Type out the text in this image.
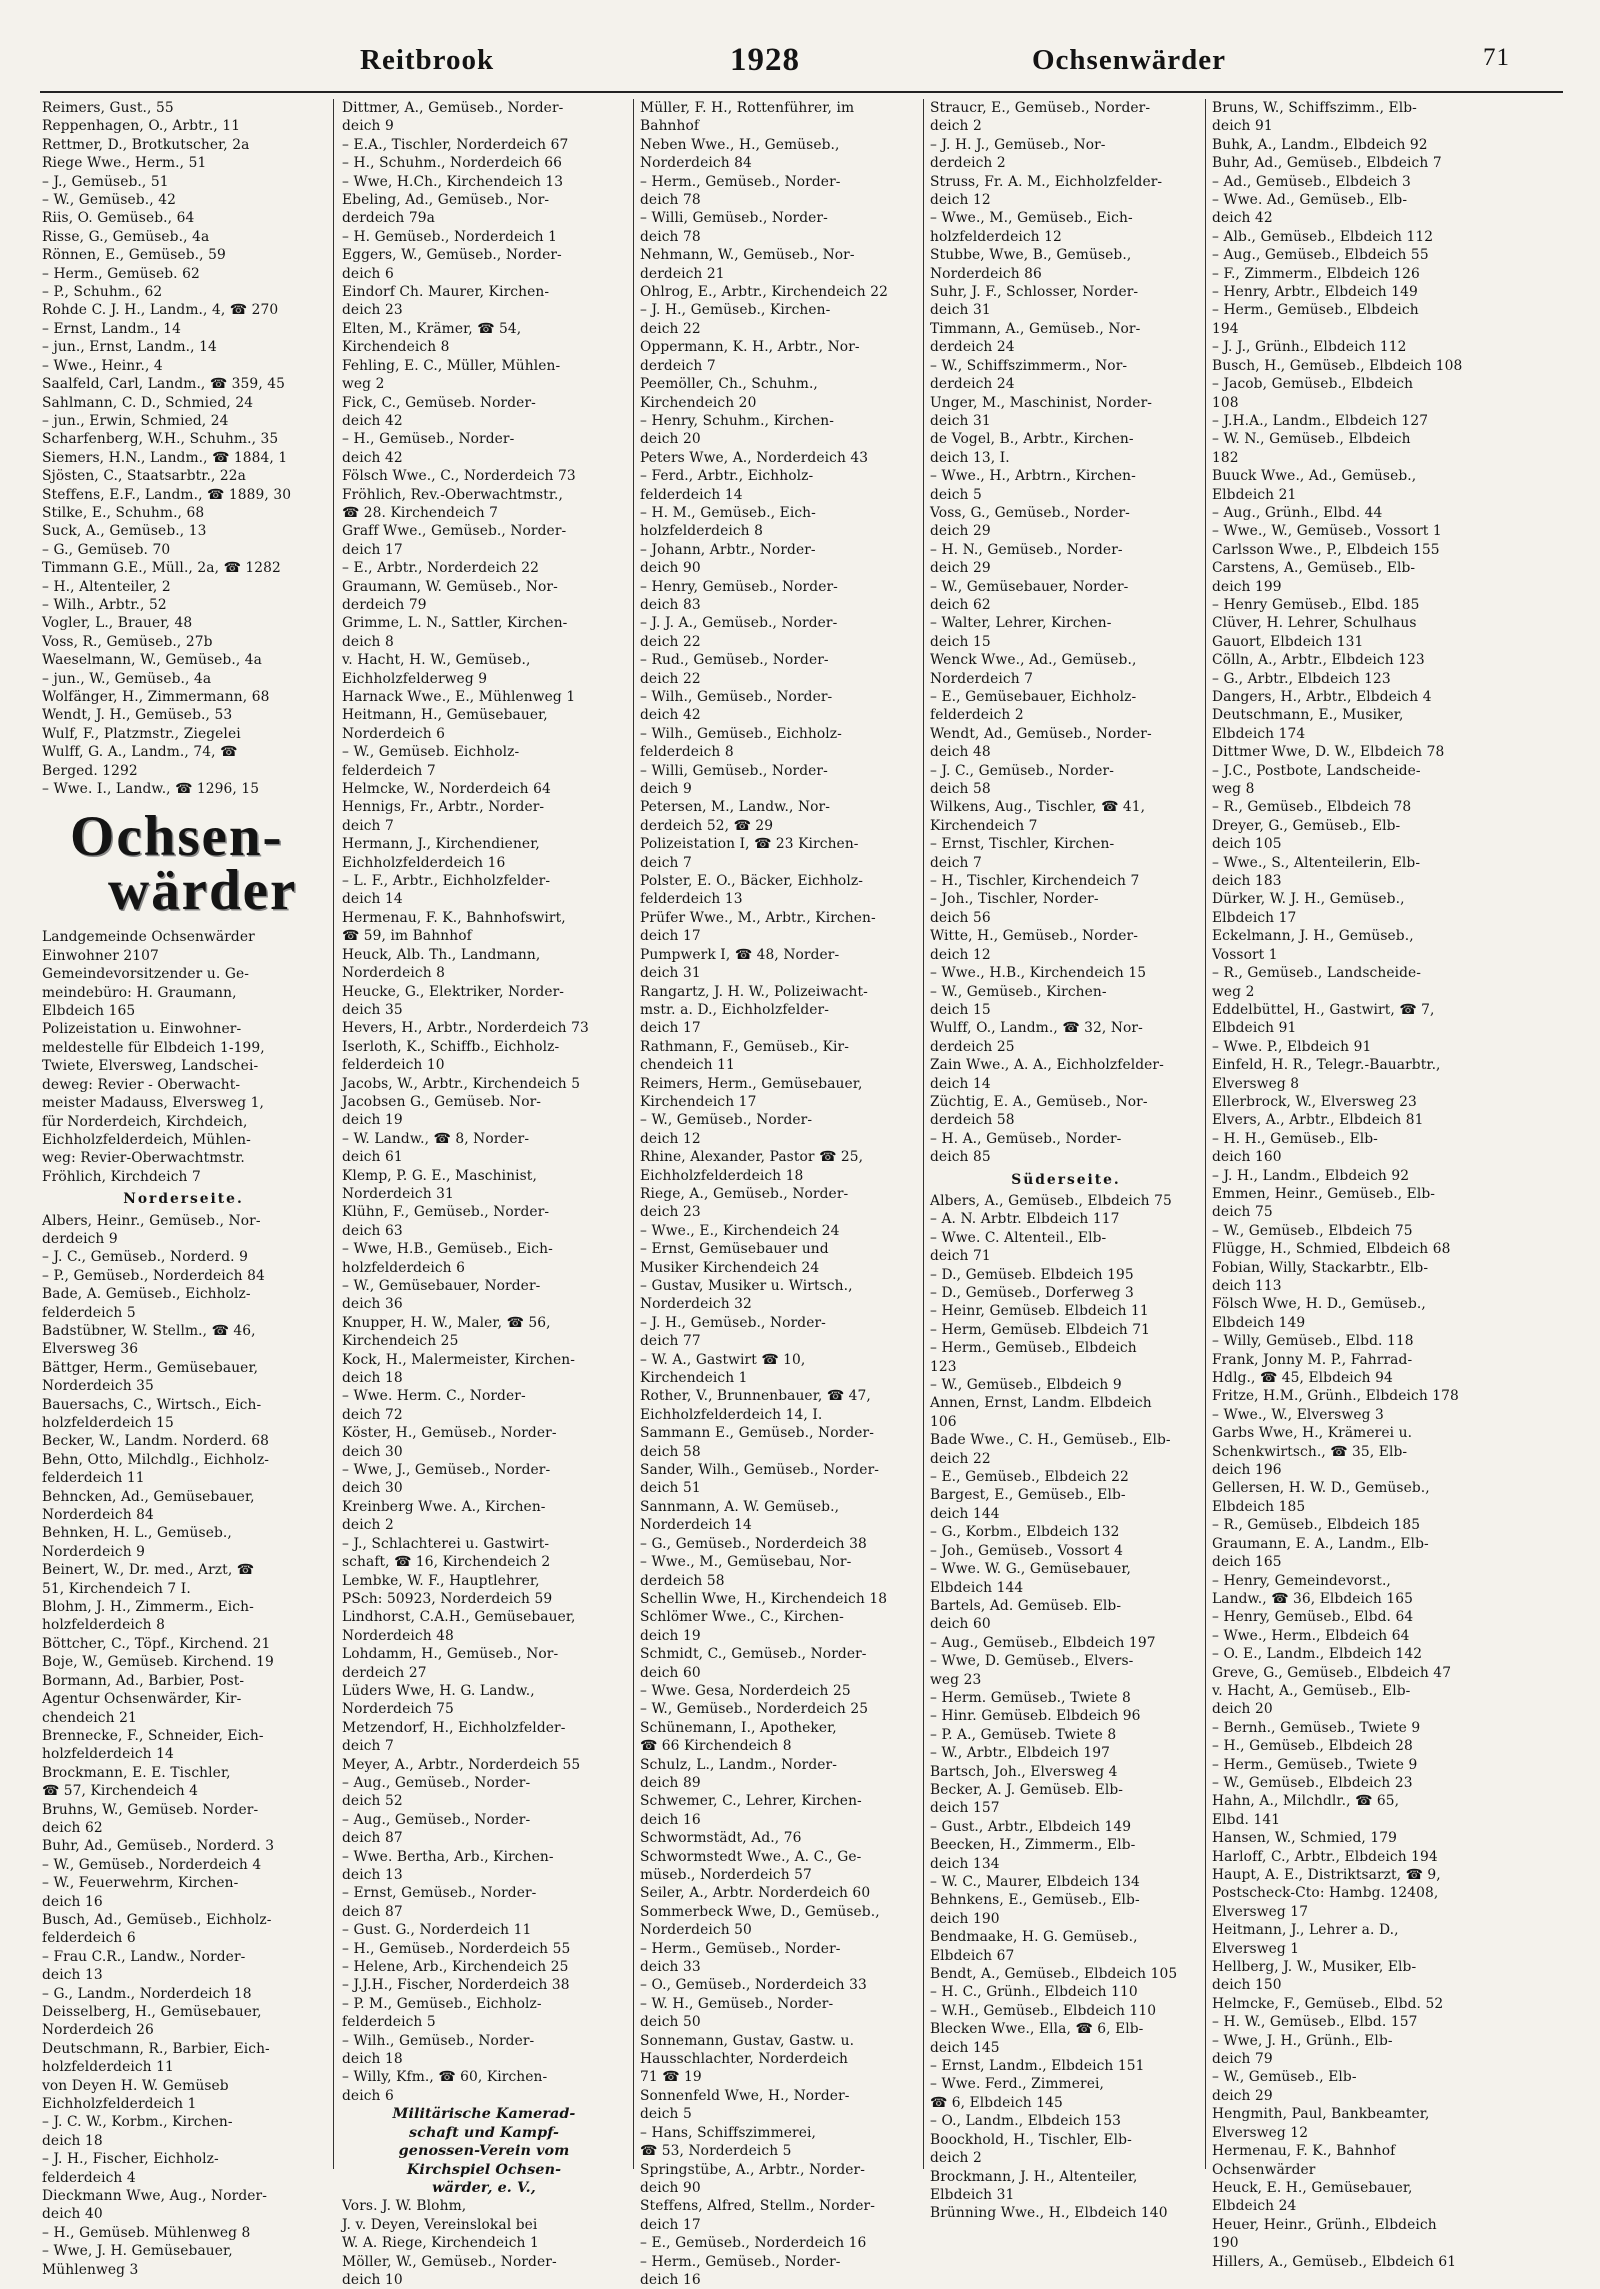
Reitbrook	1928	Ochsenwärder	71
Reimers, Gust., 55
Reppenhagen, O., Arbtr., 11
Rettmer, D., Brotkutscher, 2a
Riege Wwe., Herm., 51
– J., Gemüseb., 51
– W., Gemüseb., 42
Riis, O. Gemüseb., 64
Risse, G., Gemüseb., 4a
Rönnen, E., Gemüseb., 59
– Herm., Gemüseb. 62
– P., Schuhm., 62
Rohde C. J. H., Landm., 4, ☎ 270
– Ernst, Landm., 14
– jun., Ernst, Landm., 14
– Wwe., Heinr., 4
Saalfeld, Carl, Landm., ☎ 359, 45
Sahlmann, C. D., Schmied, 24
– jun., Erwin, Schmied, 24
Scharfenberg, W.H., Schuhm., 35
Siemers, H.N., Landm., ☎ 1884, 1
Sjösten, C., Staatsarbtr., 22a
Steffens, E.F., Landm., ☎ 1889, 30
Stilke, E., Schuhm., 68
Suck, A., Gemüseb., 13
– G., Gemüseb. 70
Timmann G.E., Müll., 2a, ☎ 1282
– H., Altenteiler, 2
– Wilh., Arbtr., 52
Vogler, L., Brauer, 48
Voss, R., Gemüseb., 27b
Waeselmann, W., Gemüseb., 4a
– jun., W., Gemüseb., 4a
Wolfänger, H., Zimmermann, 68
Wendt, J. H., Gemüseb., 53
Wulf, F., Platzmstr., Ziegelei
Wulff, G. A., Landm., 74, ☎
Berged. 1292
– Wwe. I., Landw., ☎ 1296, 15
Ochsen-
wärder
Landgemeinde Ochsenwärder
Einwohner 2107
Gemeindevorsitzender u. Ge-
meindebüro: H. Graumann,
Elbdeich 165
Polizeistation u. Einwohner-
meldestelle für Elbdeich 1-199,
Twiete, Elversweg, Landschei-
deweg: Revier - Oberwacht-
meister Madauss, Elversweg 1,
für Norderdeich, Kirchdeich,
Eichholzfelderdeich, Mühlen-
weg: Revier-Oberwachtmstr.
Fröhlich, Kirchdeich 7
Norderseite.
Albers, Heinr., Gemüseb., Nor-
derdeich 9
– J. C., Gemüseb., Norderd. 9
– P., Gemüseb., Norderdeich 84
Bade, A. Gemüseb., Eichholz-
felderdeich 5
Badstübner, W. Stellm., ☎ 46,
Elversweg 36
Bättger, Herm., Gemüsebauer,
Norderdeich 35
Bauersachs, C., Wirtsch., Eich-
holzfelderdeich 15
Becker, W., Landm. Norderd. 68
Behn, Otto, Milchdlg., Eichholz-
felderdeich 11
Behncken, Ad., Gemüsebauer,
Norderdeich 84
Behnken, H. L., Gemüseb.,
Norderdeich 9
Beinert, W., Dr. med., Arzt, ☎
51, Kirchendeich 7 I.
Blohm, J. H., Zimmerm., Eich-
holzfelderdeich 8
Böttcher, C., Töpf., Kirchend. 21
Boje, W., Gemüseb. Kirchend. 19
Bormann, Ad., Barbier, Post-
Agentur Ochsenwärder, Kir-
chendeich 21
Brennecke, F., Schneider, Eich-
holzfelderdeich 14
Brockmann, E. E. Tischler,
☎ 57, Kirchendeich 4
Bruhns, W., Gemüseb. Norder-
deich 62
Buhr, Ad., Gemüseb., Norderd. 3
– W., Gemüseb., Norderdeich 4
– W., Feuerwehrm, Kirchen-
deich 16
Busch, Ad., Gemüseb., Eichholz-
felderdeich 6
– Frau C.R., Landw., Norder-
deich 13
– G., Landm., Norderdeich 18
Deisselberg, H., Gemüsebauer,
Norderdeich 26
Deutschmann, R., Barbier, Eich-
holzfelderdeich 11
von Deyen H. W. Gemüseb
Eichholzfelderdeich 1
– J. C. W., Korbm., Kirchen-
deich 18
– J. H., Fischer, Eichholz-
felderdeich 4
Dieckmann Wwe, Aug., Norder-
deich 40
– H., Gemüseb. Mühlenweg 8
– Wwe, J. H. Gemüsebauer,
Mühlenweg 3
Dittmer, A., Gemüseb., Norder-
deich 9
– E.A., Tischler, Norderdeich 67
– H., Schuhm., Norderdeich 66
– Wwe, H.Ch., Kirchendeich 13
Ebeling, Ad., Gemüseb., Nor-
derdeich 79a
– H. Gemüseb., Norderdeich 1
Eggers, W., Gemüseb., Norder-
deich 6
Eindorf Ch. Maurer, Kirchen-
deich 23
Elten, M., Krämer, ☎ 54,
Kirchendeich 8
Fehling, E. C., Müller, Mühlen-
weg 2
Fick, C., Gemüseb. Norder-
deich 42
– H., Gemüseb., Norder-
deich 42
Fölsch Wwe., C., Norderdeich 73
Fröhlich, Rev.-Oberwachtmstr.,
☎ 28. Kirchendeich 7
Graff Wwe., Gemüseb., Norder-
deich 17
– E., Arbtr., Norderdeich 22
Graumann, W. Gemüseb., Nor-
derdeich 79
Grimme, L. N., Sattler, Kirchen-
deich 8
v. Hacht, H. W., Gemüseb.,
Eichholzfelderweg 9
Harnack Wwe., E., Mühlenweg 1
Heitmann, H., Gemüsebauer,
Norderdeich 6
– W., Gemüseb. Eichholz-
felderdeich 7
Helmcke, W., Norderdeich 64
Hennigs, Fr., Arbtr., Norder-
deich 7
Hermann, J., Kirchendiener,
Eichholzfelderdeich 16
– L. F., Arbtr., Eichholzfelder-
deich 14
Hermenau, F. K., Bahnhofswirt,
☎ 59, im Bahnhof
Heuck, Alb. Th., Landmann,
Norderdeich 8
Heucke, G., Elektriker, Norder-
deich 35
Hevers, H., Arbtr., Norderdeich 73
Iserloth, K., Schiffb., Eichholz-
felderdeich 10
Jacobs, W., Arbtr., Kirchendeich 5
Jacobsen G., Gemüseb. Nor-
deich 19
– W. Landw., ☎ 8, Norder-
deich 61
Klemp, P. G. E., Maschinist,
Norderdeich 31
Klühn, F., Gemüseb., Norder-
deich 63
– Wwe, H.B., Gemüseb., Eich-
holzfelderdeich 6
– W., Gemüsebauer, Norder-
deich 36
Knupper, H. W., Maler, ☎ 56,
Kirchendeich 25
Kock, H., Malermeister, Kirchen-
deich 18
– Wwe. Herm. C., Norder-
deich 72
Köster, H., Gemüseb., Norder-
deich 30
– Wwe, J., Gemüseb., Norder-
deich 30
Kreinberg Wwe. A., Kirchen-
deich 2
– J., Schlachterei u. Gastwirt-
schaft, ☎ 16, Kirchendeich 2
Lembke, W. F., Hauptlehrer,
PSch: 50923, Norderdeich 59
Lindhorst, C.A.H., Gemüsebauer,
Norderdeich 48
Lohdamm, H., Gemüseb., Nor-
derdeich 27
Lüders Wwe, H. G. Landw.,
Norderdeich 75
Metzendorf, H., Eichholzfelder-
deich 7
Meyer, A., Arbtr., Norderdeich 55
– Aug., Gemüseb., Norder-
deich 52
– Aug., Gemüseb., Norder-
deich 87
– Wwe. Bertha, Arb., Kirchen-
deich 13
– Ernst, Gemüseb., Norder-
deich 87
– Gust. G., Norderdeich 11
– H., Gemüseb., Norderdeich 55
– Helene, Arb., Kirchendeich 25
– J.J.H., Fischer, Norderdeich 38
– P. M., Gemüseb., Eichholz-
felderdeich 5
– Wilh., Gemüseb., Norder-
deich 18
– Willy, Kfm., ☎ 60, Kirchen-
deich 6
Militärische Kamerad-
schaft und Kampf-
genossen-Verein vom
Kirchspiel Ochsen-
wärder, e. V.,
Vors. J. W. Blohm,
J. v. Deyen, Vereinslokal bei
W. A. Riege, Kirchendeich 1
Möller, W., Gemüseb., Norder-
deich 10
Müller, F. H., Rottenführer, im
Bahnhof
Neben Wwe., H., Gemüseb.,
Norderdeich 84
– Herm., Gemüseb., Norder-
deich 78
– Willi, Gemüseb., Norder-
deich 78
Nehmann, W., Gemüseb., Nor-
derdeich 21
Ohlrog, E., Arbtr., Kirchendeich 22
– J. H., Gemüseb., Kirchen-
deich 22
Oppermann, K. H., Arbtr., Nor-
derdeich 7
Peemöller, Ch., Schuhm.,
Kirchendeich 20
– Henry, Schuhm., Kirchen-
deich 20
Peters Wwe, A., Norderdeich 43
– Ferd., Arbtr., Eichholz-
felderdeich 14
– H. M., Gemüseb., Eich-
holzfelderdeich 8
– Johann, Arbtr., Norder-
deich 90
– Henry, Gemüseb., Norder-
deich 83
– J. J. A., Gemüseb., Norder-
deich 22
– Rud., Gemüseb., Norder-
deich 22
– Wilh., Gemüseb., Norder-
deich 42
– Wilh., Gemüseb., Eichholz-
felderdeich 8
– Willi, Gemüseb., Norder-
deich 9
Petersen, M., Landw., Nor-
derdeich 52, ☎ 29
Polizeistation I, ☎ 23 Kirchen-
deich 7
Polster, E. O., Bäcker, Eichholz-
felderdeich 13
Prüfer Wwe., M., Arbtr., Kirchen-
deich 17
Pumpwerk I, ☎ 48, Norder-
deich 31
Rangartz, J. H. W., Polizeiwacht-
mstr. a. D., Eichholzfelder-
deich 17
Rathmann, F., Gemüseb., Kir-
chendeich 11
Reimers, Herm., Gemüsebauer,
Kirchendeich 17
– W., Gemüseb., Norder-
deich 12
Rhine, Alexander, Pastor ☎ 25,
Eichholzfelderdeich 18
Riege, A., Gemüseb., Norder-
deich 23
– Wwe., E., Kirchendeich 24
– Ernst, Gemüsebauer und
Musiker Kirchendeich 24
– Gustav, Musiker u. Wirtsch.,
Norderdeich 32
– J. H., Gemüseb., Norder-
deich 77
– W. A., Gastwirt ☎ 10,
Kirchendeich 1
Rother, V., Brunnenbauer, ☎ 47,
Eichholzfelderdeich 14, I.
Sammann E., Gemüseb., Norder-
deich 58
Sander, Wilh., Gemüseb., Norder-
deich 51
Sannmann, A. W. Gemüseb.,
Norderdeich 14
– G., Gemüseb., Norderdeich 38
– Wwe., M., Gemüsebau, Nor-
derdeich 58
Schellin Wwe, H., Kirchendeich 18
Schlömer Wwe., C., Kirchen-
deich 19
Schmidt, C., Gemüseb., Norder-
deich 60
– Wwe. Gesa, Norderdeich 25
– W., Gemüseb., Norderdeich 25
Schünemann, I., Apotheker,
☎ 66 Kirchendeich 8
Schulz, L., Landm., Norder-
deich 89
Schwemer, C., Lehrer, Kirchen-
deich 16
Schwormstädt, Ad., 76
Schwormstedt Wwe., A. C., Ge-
müseb., Norderdeich 57
Seiler, A., Arbtr. Norderdeich 60
Sommerbeck Wwe, D., Gemüseb.,
Norderdeich 50
– Herm., Gemüseb., Norder-
deich 33
– O., Gemüseb., Norderdeich 33
– W. H., Gemüseb., Norder-
deich 50
Sonnemann, Gustav, Gastw. u.
Hausschlachter, Norderdeich
71 ☎ 19
Sonnenfeld Wwe, H., Norder-
deich 5
– Hans, Schiffszimmerei,
☎ 53, Norderdeich 5
Springstübe, A., Arbtr., Norder-
deich 90
Steffens, Alfred, Stellm., Norder-
deich 17
– E., Gemüseb., Norderdeich 16
– Herm., Gemüseb., Norder-
deich 16
Straucr, E., Gemüseb., Norder-
deich 2
– J. H. J., Gemüseb., Nor-
derdeich 2
Struss, Fr. A. M., Eichholzfelder-
deich 12
– Wwe., M., Gemüseb., Eich-
holzfelderdeich 12
Stubbe, Wwe, B., Gemüseb.,
Norderdeich 86
Suhr, J. F., Schlosser, Norder-
deich 31
Timmann, A., Gemüseb., Nor-
derdeich 24
– W., Schiffszimmerm., Nor-
derdeich 24
Unger, M., Maschinist, Norder-
deich 31
de Vogel, B., Arbtr., Kirchen-
deich 13, I.
– Wwe., H., Arbtrn., Kirchen-
deich 5
Voss, G., Gemüseb., Norder-
deich 29
– H. N., Gemüseb., Norder-
deich 29
– W., Gemüsebauer, Norder-
deich 62
– Walter, Lehrer, Kirchen-
deich 15
Wenck Wwe., Ad., Gemüseb.,
Norderdeich 7
– E., Gemüsebauer, Eichholz-
felderdeich 2
Wendt, Ad., Gemüseb., Norder-
deich 48
– J. C., Gemüseb., Norder-
deich 58
Wilkens, Aug., Tischler, ☎ 41,
Kirchendeich 7
– Ernst, Tischler, Kirchen-
deich 7
– H., Tischler, Kirchendeich 7
– Joh., Tischler, Norder-
deich 56
Witte, H., Gemüseb., Norder-
deich 12
– Wwe., H.B., Kirchendeich 15
– W., Gemüseb., Kirchen-
deich 15
Wulff, O., Landm., ☎ 32, Nor-
derdeich 25
Zain Wwe., A. A., Eichholzfelder-
deich 14
Züchtig, E. A., Gemüseb., Nor-
derdeich 58
– H. A., Gemüseb., Norder-
deich 85
Süderseite.
Albers, A., Gemüseb., Elbdeich 75
– A. N. Arbtr. Elbdeich 117
– Wwe. C. Altenteil., Elb-
deich 71
– D., Gemüseb. Elbdeich 195
– D., Gemüseb., Dorferweg 3
– Heinr, Gemüseb. Elbdeich 11
– Herm, Gemüseb. Elbdeich 71
– Herm., Gemüseb., Elbdeich
123
– W., Gemüseb., Elbdeich 9
Annen, Ernst, Landm. Elbdeich
106
Bade Wwe., C. H., Gemüseb., Elb-
deich 22
– E., Gemüseb., Elbdeich 22
Bargest, E., Gemüseb., Elb-
deich 144
– G., Korbm., Elbdeich 132
– Joh., Gemüseb., Vossort 4
– Wwe. W. G., Gemüsebauer,
Elbdeich 144
Bartels, Ad. Gemüseb. Elb-
deich 60
– Aug., Gemüseb., Elbdeich 197
– Wwe, D. Gemüseb., Elvers-
weg 23
– Herm. Gemüseb., Twiete 8
– Hinr. Gemüseb. Elbdeich 96
– P. A., Gemüseb. Twiete 8
– W., Arbtr., Elbdeich 197
Bartsch, Joh., Elversweg 4
Becker, A. J. Gemüseb. Elb-
deich 157
– Gust., Arbtr., Elbdeich 149
Beecken, H., Zimmerm., Elb-
deich 134
– W. C., Maurer, Elbdeich 134
Behnkens, E., Gemüseb., Elb-
deich 190
Bendmaake, H. G. Gemüseb.,
Elbdeich 67
Bendt, A., Gemüseb., Elbdeich 105
– H. C., Grünh., Elbdeich 110
– W.H., Gemüseb., Elbdeich 110
Blecken Wwe., Ella, ☎ 6, Elb-
deich 145
– Ernst, Landm., Elbdeich 151
– Wwe. Ferd., Zimmerei,
☎ 6, Elbdeich 145
– O., Landm., Elbdeich 153
Boockhold, H., Tischler, Elb-
deich 2
Brockmann, J. H., Altenteiler,
Elbdeich 31
Brünning Wwe., H., Elbdeich 140
Bruns, W., Schiffszimm., Elb-
deich 91
Buhk, A., Landm., Elbdeich 92
Buhr, Ad., Gemüseb., Elbdeich 7
– Ad., Gemüseb., Elbdeich 3
– Wwe. Ad., Gemüseb., Elb-
deich 42
– Alb., Gemüseb., Elbdeich 112
– Aug., Gemüseb., Elbdeich 55
– F., Zimmerm., Elbdeich 126
– Henry, Arbtr., Elbdeich 149
– Herm., Gemüseb., Elbdeich
194
– J. J., Grünh., Elbdeich 112
Busch, H., Gemüseb., Elbdeich 108
– Jacob, Gemüseb., Elbdeich
108
– J.H.A., Landm., Elbdeich 127
– W. N., Gemüseb., Elbdeich
182
Buuck Wwe., Ad., Gemüseb.,
Elbdeich 21
– Aug., Grünh., Elbd. 44
– Wwe., W., Gemüseb., Vossort 1
Carlsson Wwe., P., Elbdeich 155
Carstens, A., Gemüseb., Elb-
deich 199
– Henry Gemüseb., Elbd. 185
Clüver, H. Lehrer, Schulhaus
Gauort, Elbdeich 131
Cölln, A., Arbtr., Elbdeich 123
– G., Arbtr., Elbdeich 123
Dangers, H., Arbtr., Elbdeich 4
Deutschmann, E., Musiker,
Elbdeich 174
Dittmer Wwe, D. W., Elbdeich 78
– J.C., Postbote, Landscheide-
weg 8
– R., Gemüseb., Elbdeich 78
Dreyer, G., Gemüseb., Elb-
deich 105
– Wwe., S., Altenteilerin, Elb-
deich 183
Dürker, W. J. H., Gemüseb.,
Elbdeich 17
Eckelmann, J. H., Gemüseb.,
Vossort 1
– R., Gemüseb., Landscheide-
weg 2
Eddelbüttel, H., Gastwirt, ☎ 7,
Elbdeich 91
– Wwe. P., Elbdeich 91
Einfeld, H. R., Telegr.-Bauarbtr.,
Elversweg 8
Ellerbrock, W., Elversweg 23
Elvers, A., Arbtr., Elbdeich 81
– H. H., Gemüseb., Elb-
deich 160
– J. H., Landm., Elbdeich 92
Emmen, Heinr., Gemüseb., Elb-
deich 75
– W., Gemüseb., Elbdeich 75
Flügge, H., Schmied, Elbdeich 68
Fobian, Willy, Stackarbtr., Elb-
deich 113
Fölsch Wwe, H. D., Gemüseb.,
Elbdeich 149
– Willy, Gemüseb., Elbd. 118
Frank, Jonny M. P., Fahrrad-
Hdlg., ☎ 45, Elbdeich 94
Fritze, H.M., Grünh., Elbdeich 178
– Wwe., W., Elversweg 3
Garbs Wwe, H., Krämerei u.
Schenkwirtsch., ☎ 35, Elb-
deich 196
Gellersen, H. W. D., Gemüseb.,
Elbdeich 185
– R., Gemüseb., Elbdeich 185
Graumann, E. A., Landm., Elb-
deich 165
– Henry, Gemeindevorst.,
Landw., ☎ 36, Elbdeich 165
– Henry, Gemüseb., Elbd. 64
– Wwe., Herm., Elbdeich 64
– O. E., Landm., Elbdeich 142
Greve, G., Gemüseb., Elbdeich 47
v. Hacht, A., Gemüseb., Elb-
deich 20
– Bernh., Gemüseb., Twiete 9
– H., Gemüseb., Elbdeich 28
– Herm., Gemüseb., Twiete 9
– W., Gemüseb., Elbdeich 23
Hahn, A., Milchdlr., ☎ 65,
Elbd. 141
Hansen, W., Schmied, 179
Harloff, C., Arbtr., Elbdeich 194
Haupt, A. E., Distriktsarzt, ☎ 9,
Postscheck-Cto: Hambg. 12408,
Elversweg 17
Heitmann, J., Lehrer a. D.,
Elversweg 1
Hellberg, J. W., Musiker, Elb-
deich 150
Helmcke, F., Gemüseb., Elbd. 52
– H. W., Gemüseb., Elbd. 157
– Wwe, J. H., Grünh., Elb-
deich 79
– W., Gemüseb., Elb-
deich 29
Hengmith, Paul, Bankbeamter,
Elversweg 12
Hermenau, F. K., Bahnhof
Ochsenwärder
Heuck, E. H., Gemüsebauer,
Elbdeich 24
Heuer, Heinr., Grünh., Elbdeich
190
Hillers, A., Gemüseb., Elbdeich 61
